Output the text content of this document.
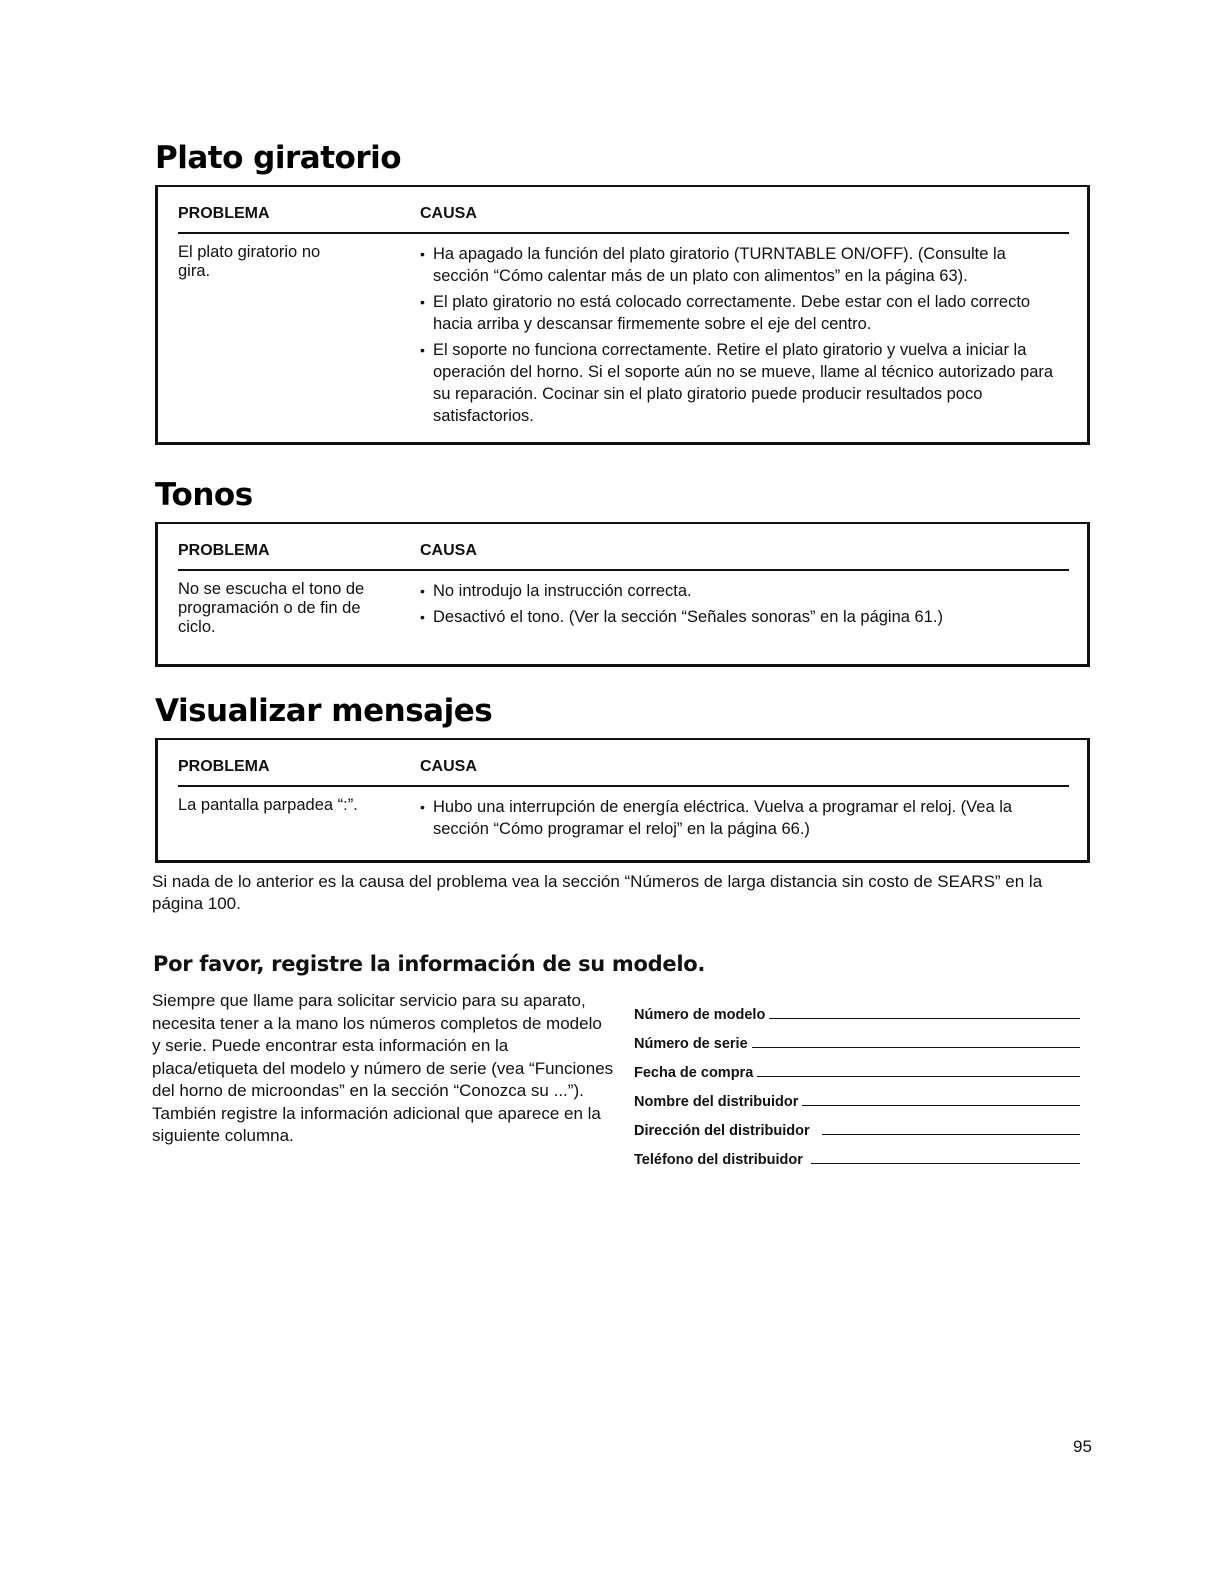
Plato giratorio
PROBLEMA	CAUSA

El plato giratorio no gira.

• Ha apagado la función del plato giratorio (TURNTABLE ON/OFF). (Consulte la sección “Cómo calentar más de un plato con alimentos” en la página 63).
• El plato giratorio no está colocado correctamente. Debe estar con el lado correcto hacia arriba y descansar firmemente sobre el eje del centro.
• El soporte no funciona correctamente. Retire el plato giratorio y vuelva a iniciar la operación del horno. Si el soporte aún no se mueve, llame al técnico autorizado para su reparación. Cocinar sin el plato giratorio puede producir resultados poco satisfactorios.
Tonos
PROBLEMA	CAUSA

No se escucha el tono de programación o de fin de ciclo.

• No introdujo la instrucción correcta.
• Desactivó el tono. (Ver la sección “Señales sonoras” en la página 61.)
Visualizar mensajes
PROBLEMA	CAUSA

La pantalla parpadea “:”.

•	Hubo una interrupción de energía eléctrica. Vuelva a programar el reloj. (Vea la sección “Cómo programar el reloj” en la página 66.)

Si nada de lo anterior es la causa del problema vea la sección “Números de larga distancia sin costo de SEARS” en la página 100.

Por favor, registre la información de su modelo.

Siempre que llame para solicitar servicio para su aparato, necesita tener a la mano los números completos de modelo y serie. Puede encontrar esta información en la placa/etiqueta del modelo y número de serie (vea “Funciones del horno de microondas” en la sección “Conozca su ...”). También registre la información adicional que aparece en la siguiente columna.

Número de modelo
Número de serie
Fecha de compra
Nombre del distribuidor
Dirección del distribuidor
Teléfono del distribuidor
95
